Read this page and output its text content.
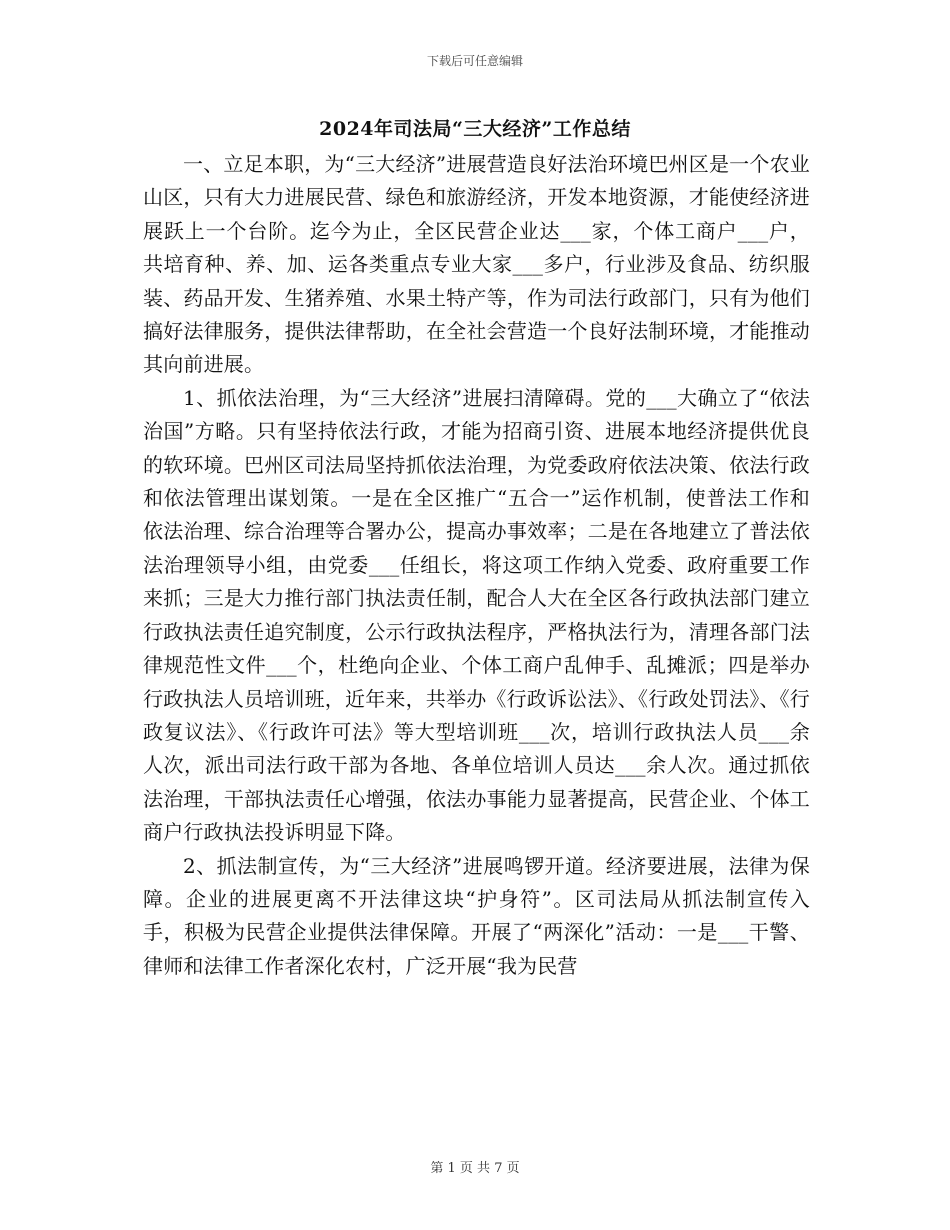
下载后可任意编辑
2024年司法局“三大经济”工作总结

一、立足本职，为“三大经济”进展营造良好法治环境巴州区是一个农业山区，只有大力进展民营、绿色和旅游经济，开发本地资源，才能使经济进展跃上一个台阶。迄今为止，全区民营企业达___家，个体工商户___户，共培育种、养、加、运各类重点专业大家___多户，行业涉及食品、纺织服装、药品开发、生猪养殖、水果土特产等，作为司法行政部门，只有为他们搞好法律服务，提供法律帮助，在全社会营造一个良好法制环境，才能推动其向前进展。

1、抓依法治理，为“三大经济”进展扫清障碍。党的___大确立了“依法治国”方略。只有坚持依法行政，才能为招商引资、进展本地经济提供优良的软环境。巴州区司法局坚持抓依法治理，为党委政府依法决策、依法行政和依法管理出谋划策。一是在全区推广“五合一”运作机制，使普法工作和依法治理、综合治理等合署办公，提高办事效率；二是在各地建立了普法依法治理领导小组，由党委___任组长，将这项工作纳入党委、政府重要工作来抓；三是大力推行部门执法责任制，配合人大在全区各行政执法部门建立行政执法责任追究制度，公示行政执法程序，严格执法行为，清理各部门法律规范性文件___个，杜绝向企业、个体工商户乱伸手、乱摊派；四是举办行政执法人员培训班，近年来，共举办《行政诉讼法》、《行政处罚法》、《行政复议法》、《行政许可法》等大型培训班___次，培训行政执法人员___余人次，派出司法行政干部为各地、各单位培训人员达___余人次。通过抓依法治理，干部执法责任心增强，依法办事能力显著提高，民营企业、个体工商户行政执法投诉明显下降。

2、抓法制宣传，为“三大经济”进展鸣锣开道。经济要进展，法律为保障。企业的进展更离不开法律这块“护身符”。区司法局从抓法制宣传入手，积极为民营企业提供法律保障。开展了“两深化”活动：一是___干警、律师和法律工作者深化农村，广泛开展“我为民营

第 1 页 共 7 页
